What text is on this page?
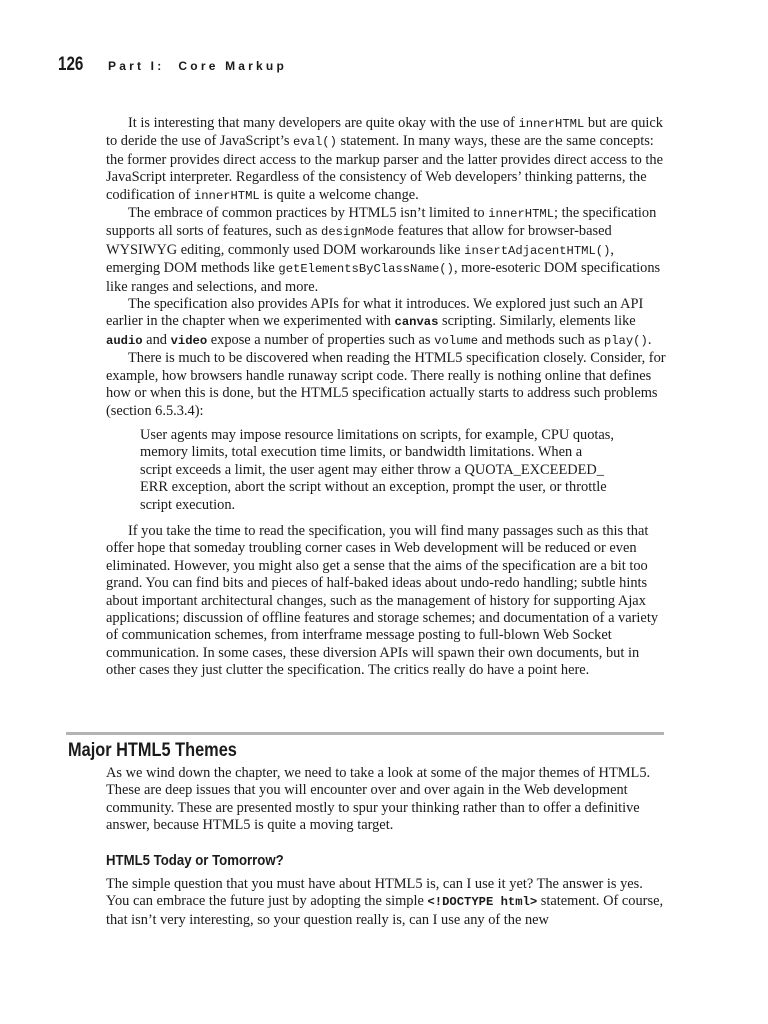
126 Part I: Core Markup

It is interesting that many developers are quite okay with the use of innerHTML but are quick to deride the use of JavaScript’s eval() statement. In many ways, these are the same concepts: the former provides direct access to the markup parser and the latter provides direct access to the JavaScript interpreter. Regardless of the consistency of Web developers’ thinking patterns, the codification of innerHTML is quite a welcome change.

The embrace of common practices by HTML5 isn’t limited to innerHTML; the specification supports all sorts of features, such as designMode features that allow for browser-based WYSIWYG editing, commonly used DOM workarounds like insertAdjacentHTML(), emerging DOM methods like getElementsByClassName(), more-esoteric DOM specifications like ranges and selections, and more.

The specification also provides APIs for what it introduces. We explored just such an API earlier in the chapter when we experimented with canvas scripting. Similarly, elements like audio and video expose a number of properties such as volume and methods such as play().

There is much to be discovered when reading the HTML5 specification closely. Consider, for example, how browsers handle runaway script code. There really is nothing online that defines how or when this is done, but the HTML5 specification actually starts to address such problems (section 6.5.3.4):

User agents may impose resource limitations on scripts, for example, CPU quotas,
memory limits, total execution time limits, or bandwidth limitations. When a
script exceeds a limit, the user agent may either throw a QUOTA_EXCEEDED_
ERR exception, abort the script without an exception, prompt the user, or throttle
script execution.

If you take the time to read the specification, you will find many passages such as this that offer hope that someday troubling corner cases in Web development will be reduced or even eliminated. However, you might also get a sense that the aims of the specification are a bit too grand. You can find bits and pieces of half-baked ideas about undo-redo handling; subtle hints about important architectural changes, such as the management of history for supporting Ajax applications; discussion of offline features and storage schemes; and documentation of a variety of communication schemes, from interframe message posting to full-blown Web Socket communication. In some cases, these diversion APIs will spawn their own documents, but in other cases they just clutter the specification. The critics really do have a point here.

Major HTML5 Themes

As we wind down the chapter, we need to take a look at some of the major themes of HTML5. These are deep issues that you will encounter over and over again in the Web development community. These are presented mostly to spur your thinking rather than to offer a definitive answer, because HTML5 is quite a moving target.

HTML5 Today or Tomorrow?

The simple question that you must have about HTML5 is, can I use it yet? The answer is yes. You can embrace the future just by adopting the simple <!DOCTYPE html> statement. Of course, that isn’t very interesting, so your question really is, can I use any of the new
